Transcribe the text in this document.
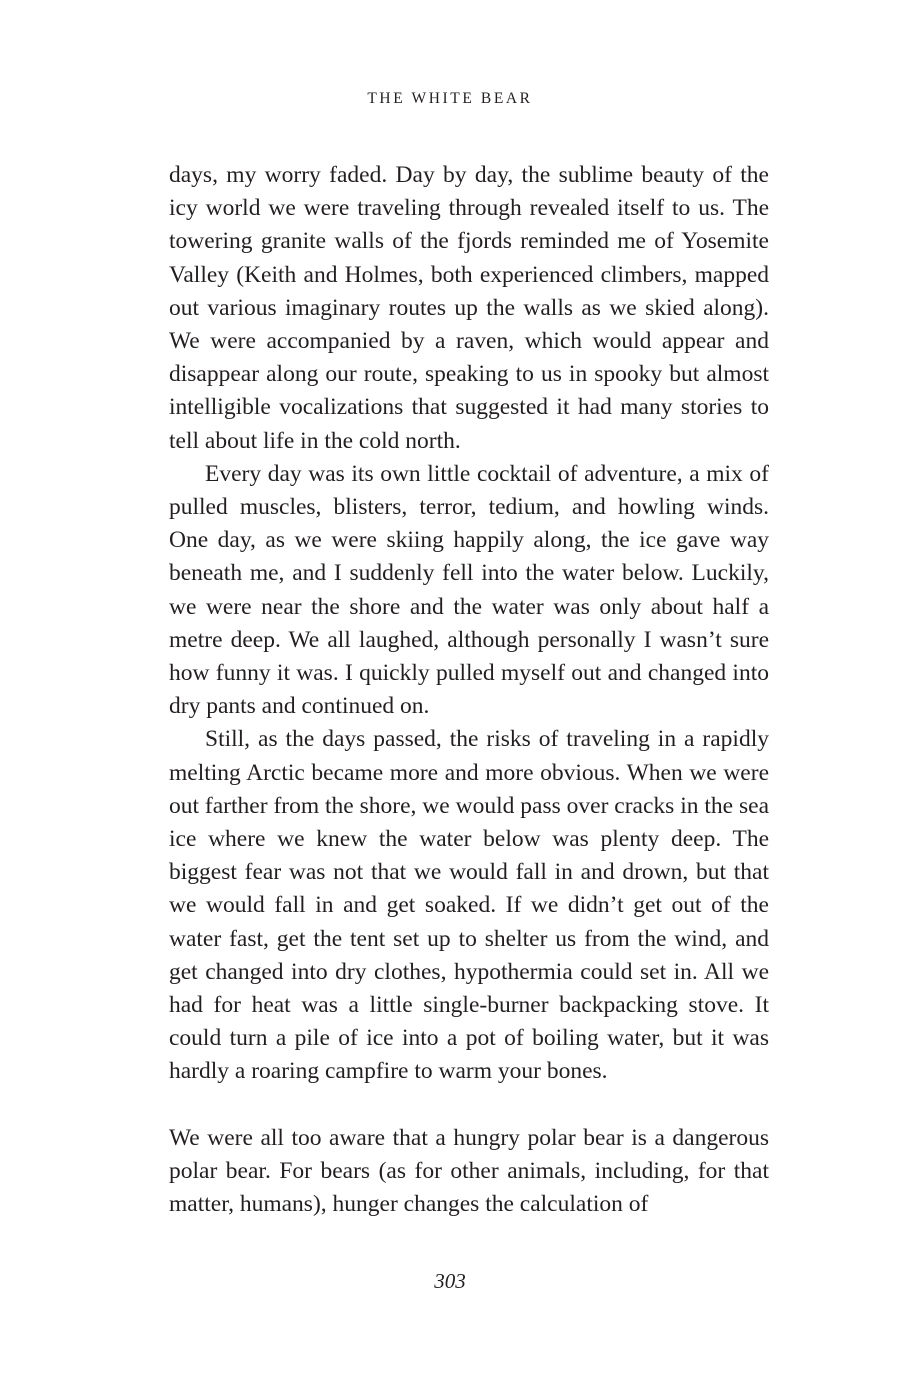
THE WHITE BEAR

days, my worry faded. Day by day, the sublime beauty of the icy world we were traveling through revealed itself to us. The towering granite walls of the fjords reminded me of Yosemite Valley (Keith and Holmes, both experienced climbers, mapped out various imaginary routes up the walls as we skied along). We were accompanied by a raven, which would appear and disappear along our route, speaking to us in spooky but almost intelligible vocalizations that suggested it had many stories to tell about life in the cold north.

Every day was its own little cocktail of adventure, a mix of pulled muscles, blisters, terror, tedium, and howling winds. One day, as we were skiing happily along, the ice gave way beneath me, and I suddenly fell into the water below. Luckily, we were near the shore and the water was only about half a metre deep. We all laughed, although personally I wasn’t sure how funny it was. I quickly pulled myself out and changed into dry pants and continued on.

Still, as the days passed, the risks of traveling in a rapidly melting Arctic became more and more obvious. When we were out farther from the shore, we would pass over cracks in the sea ice where we knew the water below was plenty deep. The biggest fear was not that we would fall in and drown, but that we would fall in and get soaked. If we didn’t get out of the water fast, get the tent set up to shelter us from the wind, and get changed into dry clothes, hypothermia could set in. All we had for heat was a little single-burner backpacking stove. It could turn a pile of ice into a pot of boiling water, but it was hardly a roaring campfire to warm your bones.

We were all too aware that a hungry polar bear is a dangerous polar bear. For bears (as for other animals, including, for that matter, humans), hunger changes the calculation of

303
